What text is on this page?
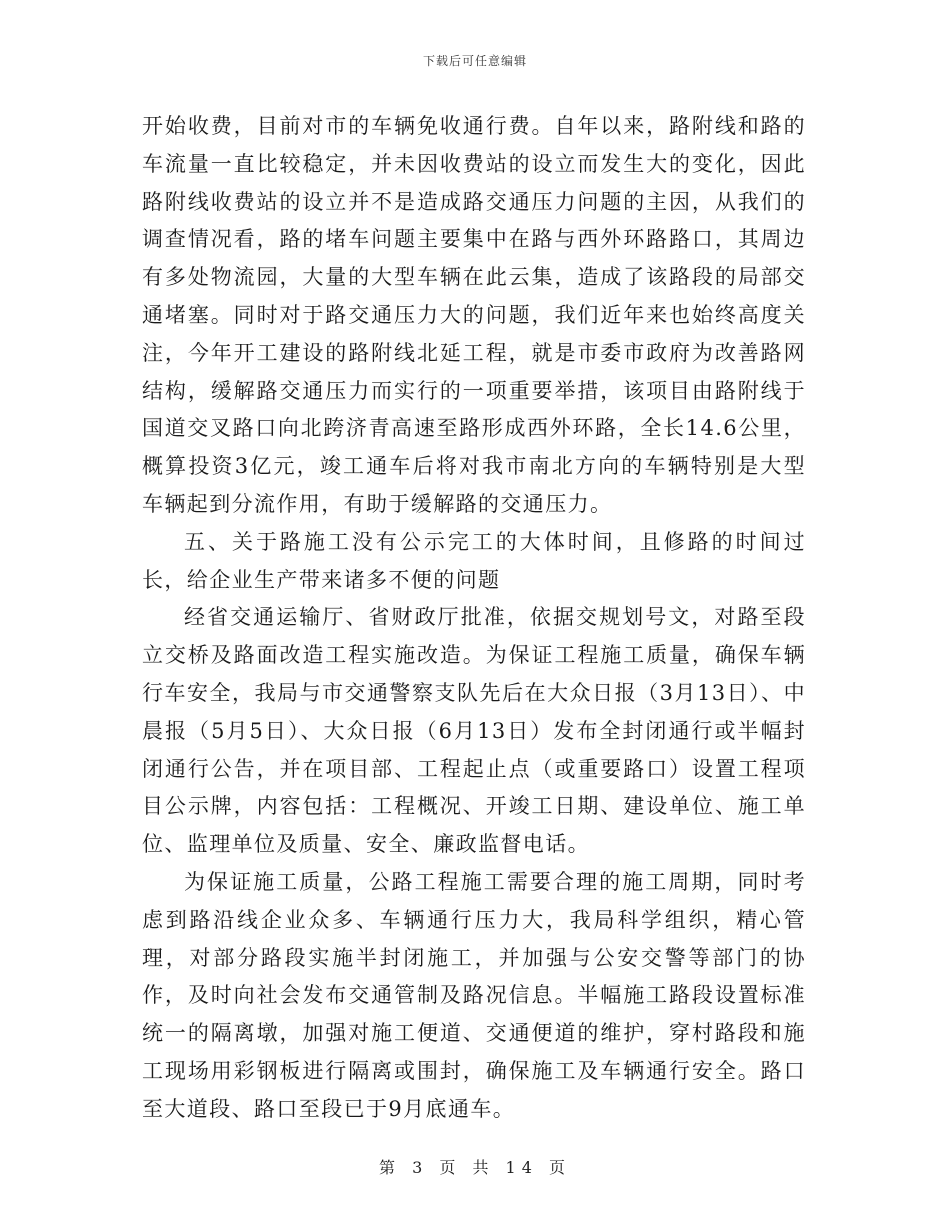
下载后可任意编辑

开始收费，目前对市的车辆免收通行费。自年以来，路附线和路的车流量一直比较稳定，并未因收费站的设立而发生大的变化，因此路附线收费站的设立并不是造成路交通压力问题的主因，从我们的调查情况看，路的堵车问题主要集中在路与西外环路路口，其周边有多处物流园，大量的大型车辆在此云集，造成了该路段的局部交通堵塞。同时对于路交通压力大的问题，我们近年来也始终高度关注，今年开工建设的路附线北延工程，就是市委市政府为改善路网结构，缓解路交通压力而实行的一项重要举措，该项目由路附线于国道交叉路口向北跨济青高速至路形成西外环路，全长14.6公里，概算投资3亿元，竣工通车后将对我市南北方向的车辆特别是大型车辆起到分流作用，有助于缓解路的交通压力。

五、关于路施工没有公示完工的大体时间，且修路的时间过长，给企业生产带来诸多不便的问题

经省交通运输厅、省财政厅批准，依据交规划号文，对路至段立交桥及路面改造工程实施改造。为保证工程施工质量，确保车辆行车安全，我局与市交通警察支队先后在大众日报（3月13日）、中晨报（5月5日）、大众日报（6月13日）发布全封闭通行或半幅封闭通行公告，并在项目部、工程起止点（或重要路口）设置工程项目公示牌，内容包括：工程概况、开竣工日期、建设单位、施工单位、监理单位及质量、安全、廉政监督电话。

为保证施工质量，公路工程施工需要合理的施工周期，同时考虑到路沿线企业众多、车辆通行压力大，我局科学组织，精心管理，对部分路段实施半封闭施工，并加强与公安交警等部门的协作，及时向社会发布交通管制及路况信息。半幅施工路段设置标准统一的隔离墩，加强对施工便道、交通便道的维护，穿村路段和施工现场用彩钢板进行隔离或围封，确保施工及车辆通行安全。路口至大道段、路口至段已于9月底通车。

第 3 页 共 14 页
